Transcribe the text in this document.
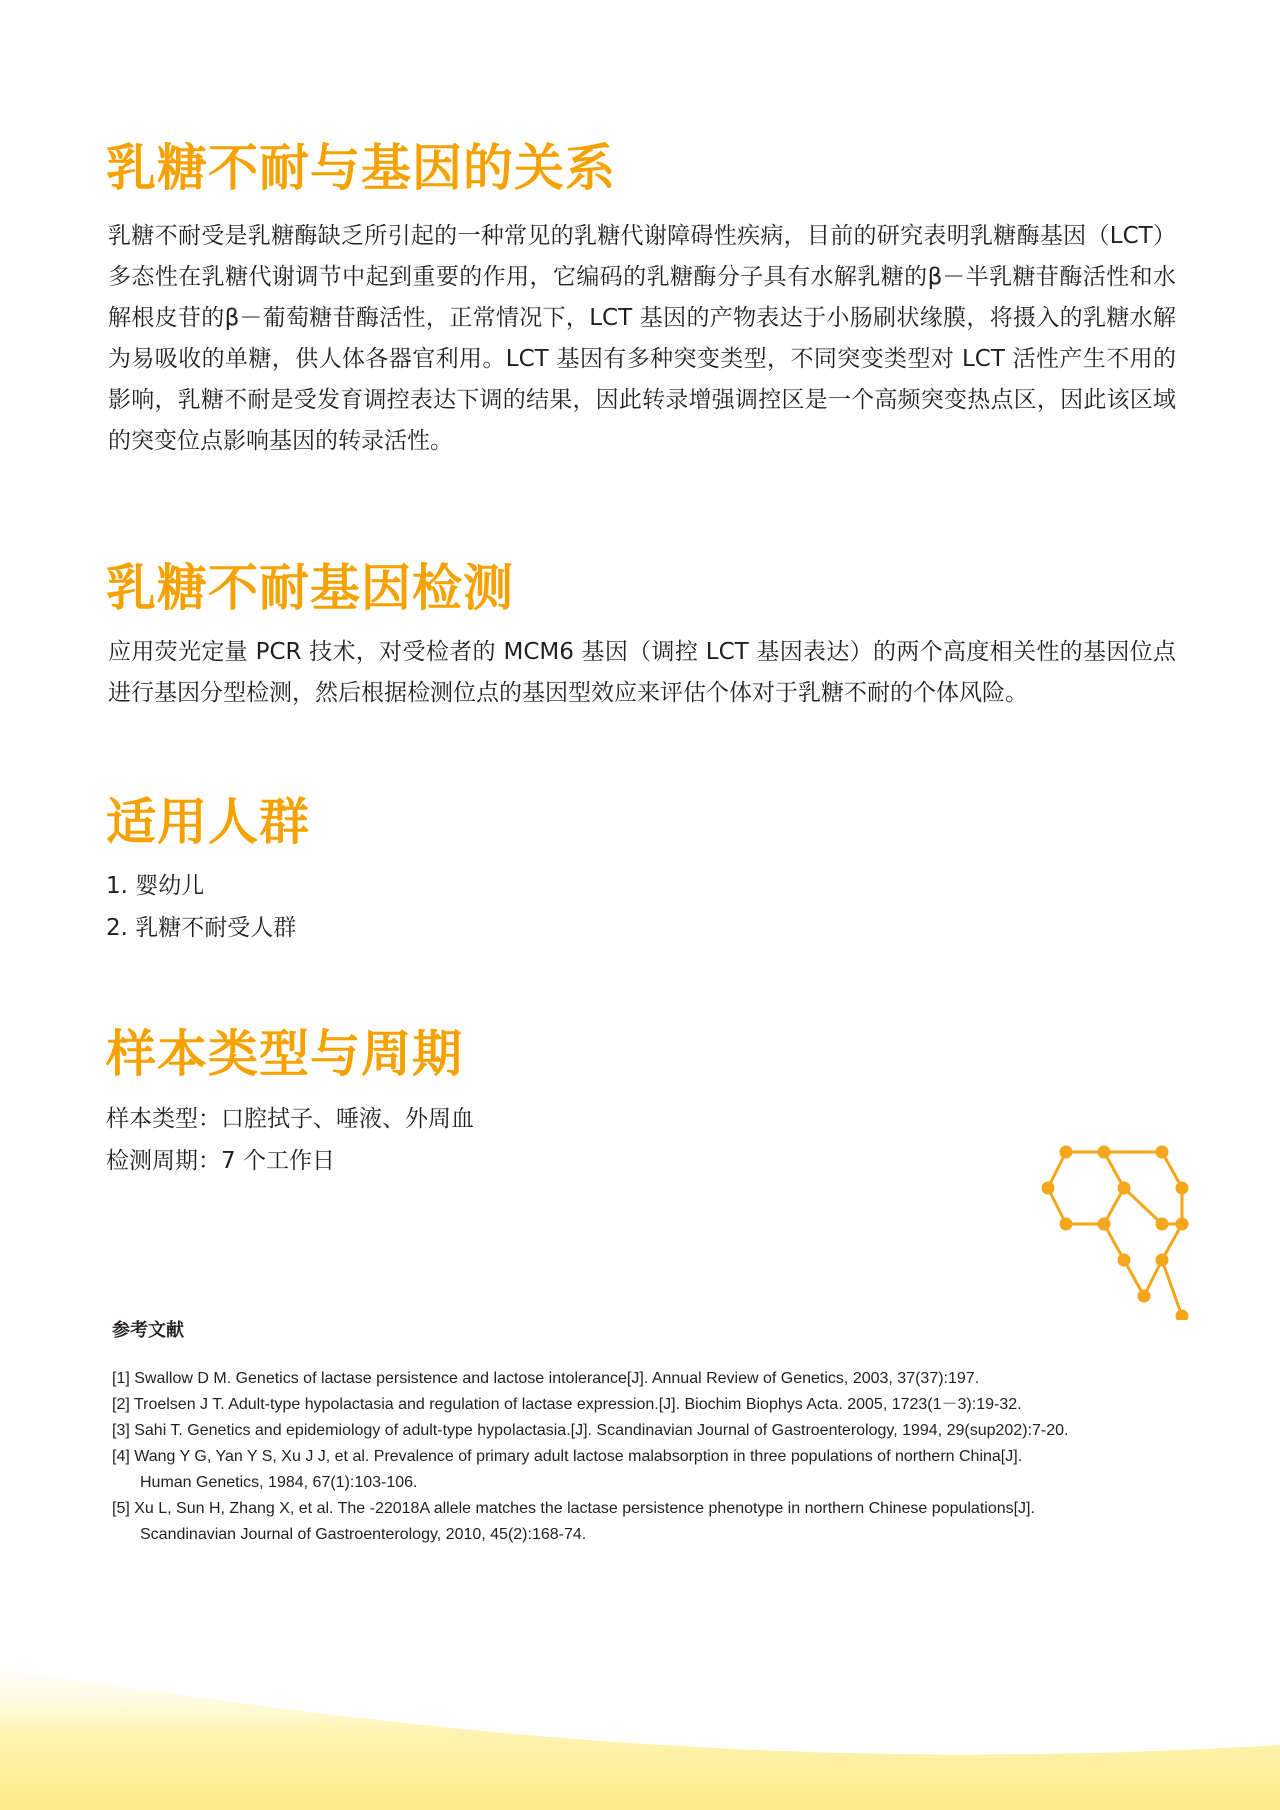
乳糖不耐与基因的关系

乳糖不耐受是乳糖酶缺乏所引起的一种常见的乳糖代谢障碍性疾病，目前的研究表明乳糖酶基因（LCT）多态性在乳糖代谢调节中起到重要的作用，它编码的乳糖酶分子具有水解乳糖的β－半乳糖苷酶活性和水解根皮苷的β－葡萄糖苷酶活性，正常情况下，LCT 基因的产物表达于小肠刷状缘膜，将摄入的乳糖水解为易吸收的单糖，供人体各器官利用。LCT 基因有多种突变类型，不同突变类型对 LCT 活性产生不用的影响，乳糖不耐是受发育调控表达下调的结果，因此转录增强调控区是一个高频突变热点区，因此该区域的突变位点影响基因的转录活性。

乳糖不耐基因检测

应用荧光定量 PCR 技术，对受检者的 MCM6 基因（调控 LCT 基因表达）的两个高度相关性的基因位点进行基因分型检测，然后根据检测位点的基因型效应来评估个体对于乳糖不耐的个体风险。

适用人群

1. 婴幼儿

2. 乳糖不耐受人群

样本类型与周期

样本类型：口腔拭子、唾液、外周血

检测周期：7 个工作日

参考文献
[1] Swallow D M. Genetics of lactase persistence and lactose intolerance[J]. Annual Review of Genetics, 2003, 37(37):197.
[2] Troelsen J T. Adult-type hypolactasia and regulation of lactase expression.[J]. Biochim Biophys Acta. 2005, 1723(1－3):19-32.
[3] Sahi T. Genetics and epidemiology of adult-type hypolactasia.[J]. Scandinavian Journal of Gastroenterology, 1994, 29(sup202):7-20.
[4] Wang Y G, Yan Y S, Xu J J, et al. Prevalence of primary adult lactose malabsorption in three populations of northern China[J].
Human Genetics, 1984, 67(1):103-106.
[5] Xu L, Sun H, Zhang X, et al. The -22018A allele matches the lactase persistence phenotype in northern Chinese populations[J].
Scandinavian Journal of Gastroenterology, 2010, 45(2):168-74.
